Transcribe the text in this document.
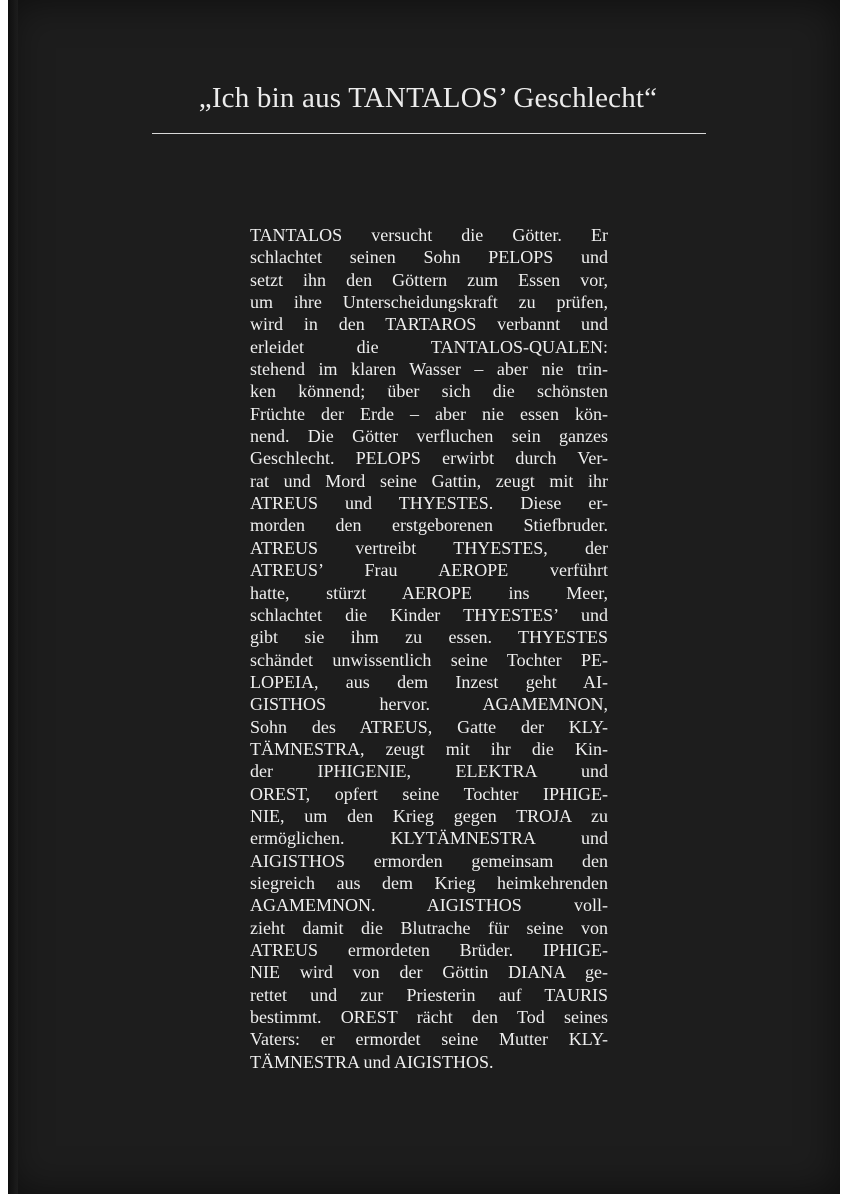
„Ich bin aus TANTALOS’ Geschlecht“
TANTALOS versucht die Götter. Er
schlachtet seinen Sohn PELOPS und
setzt ihn den Göttern zum Essen vor,
um ihre Unterscheidungskraft zu prüfen,
wird in den TARTAROS verbannt und
erleidet die TANTALOS-QUALEN:
stehend im klaren Wasser – aber nie trin-
ken könnend; über sich die schönsten
Früchte der Erde – aber nie essen kön-
nend. Die Götter verfluchen sein ganzes
Geschlecht. PELOPS erwirbt durch Ver-
rat und Mord seine Gattin, zeugt mit ihr
ATREUS und THYESTES. Diese er-
morden den erstgeborenen Stiefbruder.
ATREUS vertreibt THYESTES, der
ATREUS’ Frau AEROPE verführt
hatte, stürzt AEROPE ins Meer,
schlachtet die Kinder THYESTES’ und
gibt sie ihm zu essen. THYESTES
schändet unwissentlich seine Tochter PE-
LOPEIA, aus dem Inzest geht AI-
GISTHOS hervor. AGAMEMNON,
Sohn des ATREUS, Gatte der KLY-
TÄMNESTRA, zeugt mit ihr die Kin-
der IPHIGENIE, ELEKTRA und
OREST, opfert seine Tochter IPHIGE-
NIE, um den Krieg gegen TROJA zu
ermöglichen. KLYTÄMNESTRA und
AIGISTHOS ermorden gemeinsam den
siegreich aus dem Krieg heimkehrenden
AGAMEMNON. AIGISTHOS voll-
zieht damit die Blutrache für seine von
ATREUS ermordeten Brüder. IPHIGE-
NIE wird von der Göttin DIANA ge-
rettet und zur Priesterin auf TAURIS
bestimmt. OREST rächt den Tod seines
Vaters: er ermordet seine Mutter KLY-
TÄMNESTRA und AIGISTHOS.
